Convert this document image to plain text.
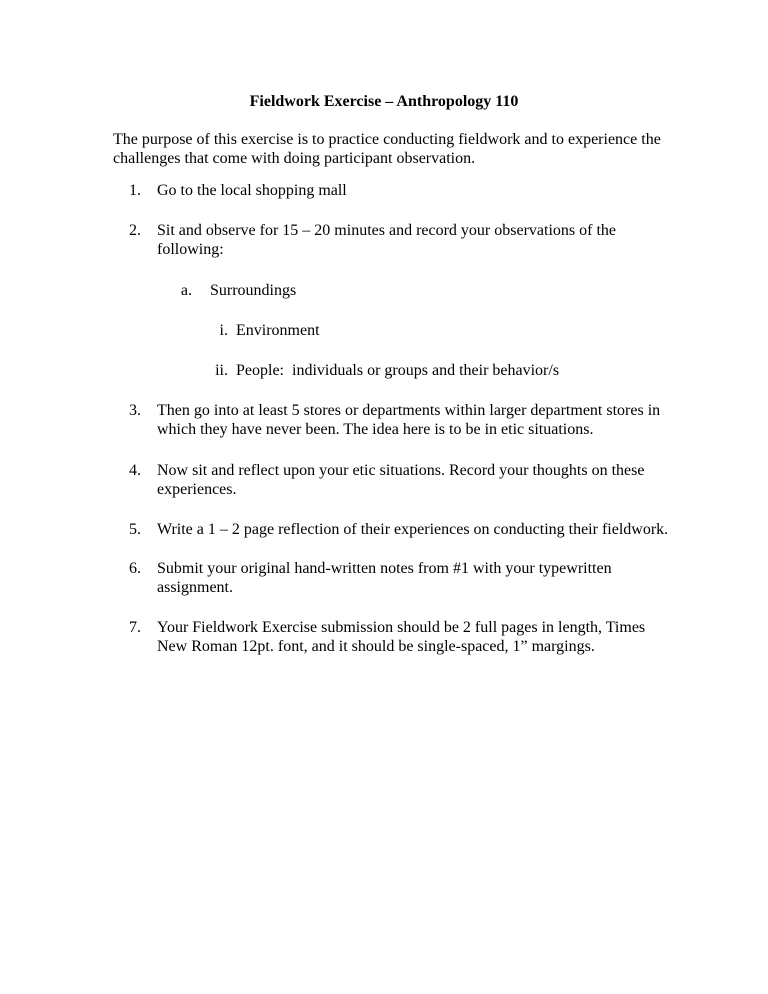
Fieldwork Exercise – Anthropology 110
The purpose of this exercise is to practice conducting fieldwork and to experience the challenges that come with doing participant observation.
1. Go to the local shopping mall
2. Sit and observe for 15 – 20 minutes and record your observations of the following:
a. Surroundings
i. Environment
ii. People:  individuals or groups and their behavior/s
3. Then go into at least 5 stores or departments within larger department stores in which they have never been. The idea here is to be in etic situations.
4. Now sit and reflect upon your etic situations. Record your thoughts on these experiences.
5. Write a 1 – 2 page reflection of their experiences on conducting their fieldwork.
6. Submit your original hand-written notes from #1 with your typewritten assignment.
7. Your Fieldwork Exercise submission should be 2 full pages in length, Times New Roman 12pt. font, and it should be single-spaced, 1” margings.
